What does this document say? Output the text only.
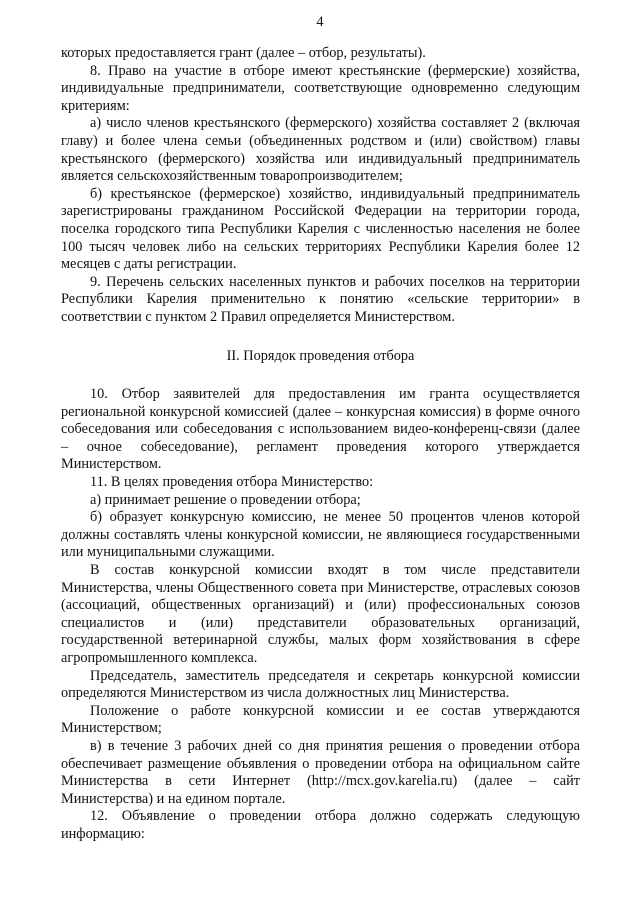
4

которых предоставляется грант (далее – отбор, результаты).

8. Право на участие в отборе имеют крестьянские (фермерские) хозяйства, индивидуальные предприниматели, соответствующие одновременно следующим критериям:

а) число членов крестьянского (фермерского) хозяйства составляет 2 (включая главу) и более члена семьи (объединенных родством и (или) свойством) главы крестьянского (фермерского) хозяйства или индивидуальный предприниматель является сельскохозяйственным товаропроизводителем;

б) крестьянское (фермерское) хозяйство, индивидуальный предприниматель зарегистрированы гражданином Российской Федерации на территории города, поселка городского типа Республики Карелия с численностью населения не более 100 тысяч человек либо на сельских территориях Республики Карелия более 12 месяцев с даты регистрации.

9. Перечень сельских населенных пунктов и рабочих поселков на территории Республики Карелия применительно к понятию «сельские территории» в соответствии с пунктом 2 Правил определяется Министерством.

II. Порядок проведения отбора

10. Отбор заявителей для предоставления им гранта осуществляется региональной конкурсной комиссией (далее – конкурсная комиссия) в форме очного собеседования или собеседования с использованием видео-конференц-связи (далее – очное собеседование), регламент проведения которого утверждается Министерством.

11. В целях проведения отбора Министерство:

а) принимает решение о проведении отбора;

б) образует конкурсную комиссию, не менее 50 процентов членов которой должны составлять члены конкурсной комиссии, не являющиеся государственными или муниципальными служащими.

В состав конкурсной комиссии входят в том числе представители Министерства, члены Общественного совета при Министерстве, отраслевых союзов (ассоциаций, общественных организаций) и (или) профессиональных союзов специалистов и (или) представители образовательных организаций, государственной ветеринарной службы, малых форм хозяйствования в сфере агропромышленного комплекса.

Председатель, заместитель председателя и секретарь конкурсной комиссии определяются Министерством из числа должностных лиц Министерства.

Положение о работе конкурсной комиссии и ее состав утверждаются Министерством;

в) в течение 3 рабочих дней со дня принятия решения о проведении отбора обеспечивает размещение объявления о проведении отбора на официальном сайте Министерства в сети Интернет (http://mcx.gov.karelia.ru) (далее – сайт Министерства) и на едином портале.

12. Объявление о проведении отбора должно содержать следующую информацию:
